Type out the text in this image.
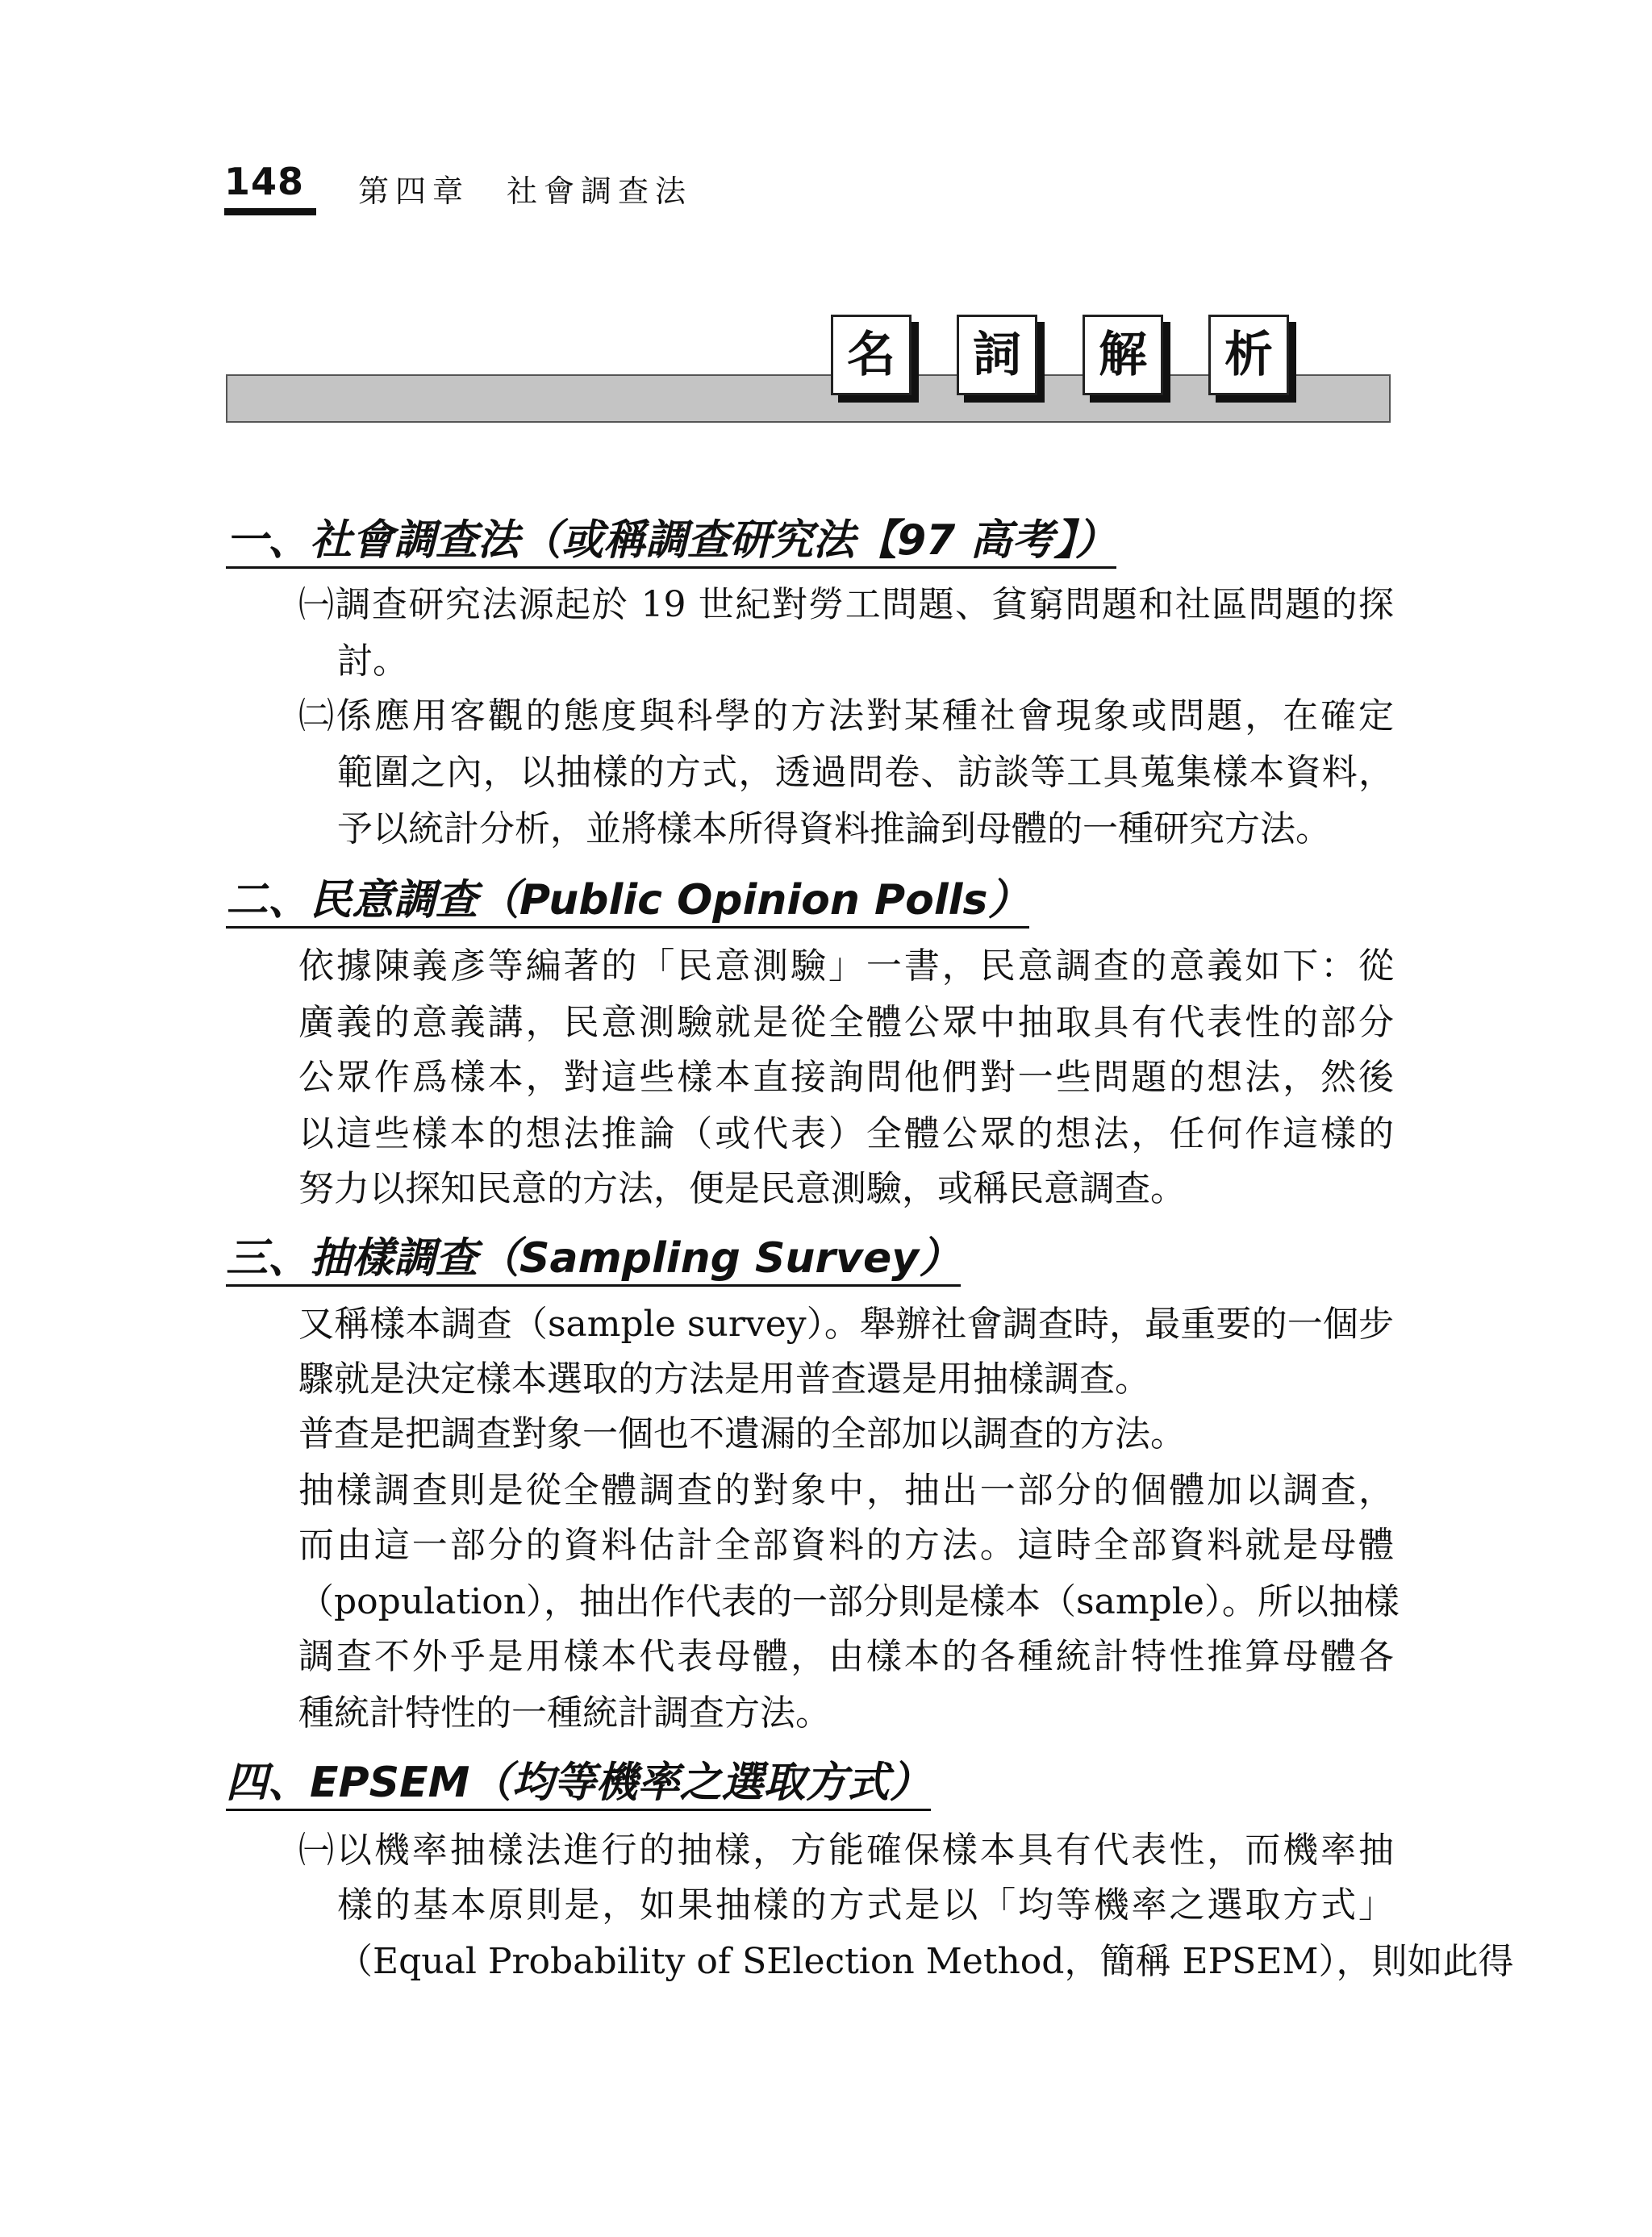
148 第四章　社會調查法
名	詞	解	析
一、社會調查法（或稱調查研究法【97 高考】）
㈠調查研究法源起於 19 世紀對勞工問題、貧窮問題和社區問題的探
討。
㈡係應用客觀的態度與科學的方法對某種社會現象或問題，在確定
範圍之內，以抽樣的方式，透過問卷、訪談等工具蒐集樣本資料，
予以統計分析，並將樣本所得資料推論到母體的一種研究方法。
二、民意調查（Public Opinion Polls）
依據陳義彥等編著的「民意測驗」一書，民意調查的意義如下：從
廣義的意義講，民意測驗就是從全體公眾中抽取具有代表性的部分
公眾作爲樣本，對這些樣本直接詢問他們對一些問題的想法，然後
以這些樣本的想法推論（或代表）全體公眾的想法，任何作這樣的
努力以探知民意的方法，便是民意測驗，或稱民意調查。
三、抽樣調查（Sampling Survey）
又稱樣本調查（sample survey）。舉辦社會調查時，最重要的一個步
驟就是決定樣本選取的方法是用普查還是用抽樣調查。
普查是把調查對象一個也不遺漏的全部加以調查的方法。
抽樣調查則是從全體調查的對象中，抽出一部分的個體加以調查，
而由這一部分的資料估計全部資料的方法。這時全部資料就是母體
（population），抽出作代表的一部分則是樣本（sample）。所以抽樣
調查不外乎是用樣本代表母體，由樣本的各種統計特性推算母體各
種統計特性的一種統計調查方法。
四、EPSEM（均等機率之選取方式）
㈠以機率抽樣法進行的抽樣，方能確保樣本具有代表性，而機率抽
樣的基本原則是，如果抽樣的方式是以「均等機率之選取方式」
（Equal Probability of SElection Method，簡稱 EPSEM），則如此得
